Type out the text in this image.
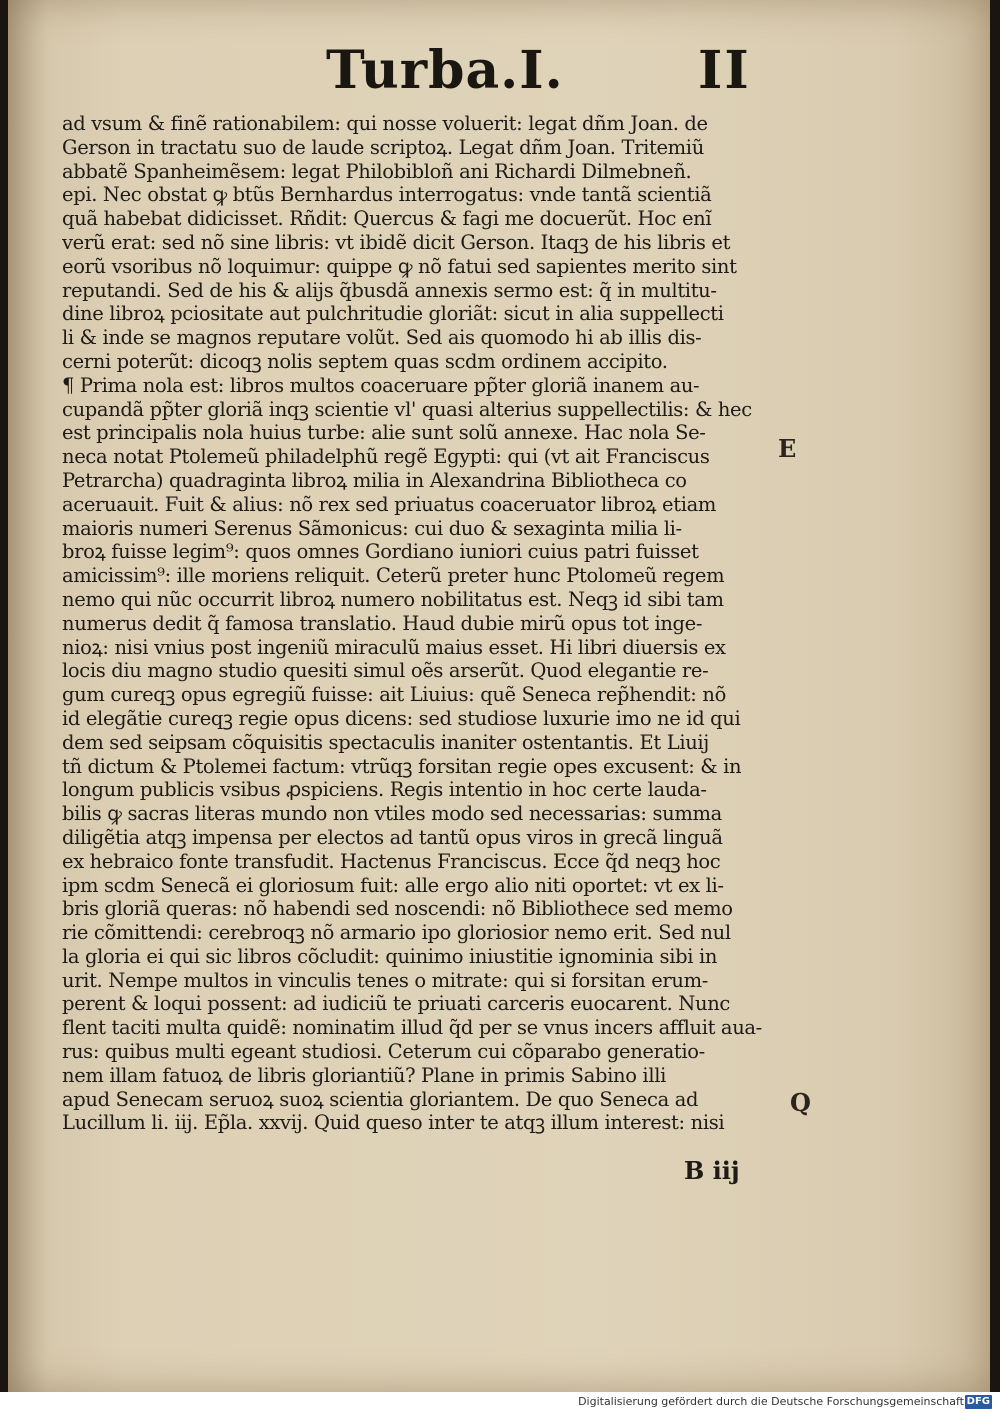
Turba.I.	II
ad vsum & finẽ rationabilem: qui nosse voluerit: legat dñm Joan. de
Gerson in tractatu suo de laude scriptoꝝ. Legat dñm Joan. Tritemiũ
abbatẽ Spanheimẽsem: legat Philobibloñ ani Richardi Dilmebneñ.
epi. Nec obstat ꝙ btũs Bernhardus interrogatus: vnde tantã scientiã
quã habebat didicisset. Rñdit: Quercus & fagi me docuerũt. Hoc enĩ
verũ erat: sed nõ sine libris: vt ibidẽ dicit Gerson. Itaqꝫ de his libris et
eorũ vsoribus nõ loquimur: quippe ꝙ nõ fatui sed sapientes merito sint
reputandi. Sed de his & alijs q̃busdã annexis sermo est: q̃ in multitu-
dine libroꝝ pciositate aut pulchritudie gloriãt: sicut in alia suppellecti
li & inde se magnos reputare volũt. Sed ais quomodo hi ab illis dis-
cerni poterũt: dicoqꝫ nolis septem quas scdm ordinem accipito.
¶ Prima nola est: libros multos coaceruare pp̃ter gloriã inanem au-
cupandã pp̃ter gloriã inqꝫ scientie vl' quasi alterius suppellectilis: & hec
est principalis nola huius turbe: alie sunt solũ annexe. Hac nola Se-
neca notat Ptolemeũ philadelphũ regẽ Egypti: qui (vt ait Franciscus
Petrarcha) quadraginta libroꝝ milia in Alexandrina Bibliotheca co
aceruauit. Fuit & alius: nõ rex sed priuatus coaceruator libroꝝ etiam
maioris numeri Serenus Sãmonicus: cui duo & sexaginta milia li-
broꝝ fuisse legim⁹: quos omnes Gordiano iuniori cuius patri fuisset
amicissim⁹: ille moriens reliquit. Ceterũ preter hunc Ptolomeũ regem
nemo qui nũc occurrit libroꝝ numero nobilitatus est. Neqꝫ id sibi tam
numerus dedit q̃ famosa translatio. Haud dubie mirũ opus tot inge-
nioꝝ: nisi vnius post ingeniũ miraculũ maius esset. Hi libri diuersis ex
locis diu magno studio quesiti simul oẽs arserũt. Quod elegantie re-
gum cureqꝫ opus egregiũ fuisse: ait Liuius: quẽ Seneca rep̃hendit: nõ
id elegãtie cureqꝫ regie opus dicens: sed studiose luxurie imo ne id qui
dem sed seipsam cõquisitis spectaculis inaniter ostentantis. Et Liuij
tñ dictum & Ptolemei factum: vtrũqꝫ forsitan regie opes excusent: & in
longum publicis vsibus ꝓspiciens. Regis intentio in hoc certe lauda-
bilis ꝙ sacras literas mundo non vtiles modo sed necessarias: summa
diligẽtia atqꝫ impensa per electos ad tantũ opus viros in grecã linguã
ex hebraico fonte transfudit. Hactenus Franciscus. Ecce q̃d neqꝫ hoc
ipm scdm Senecã ei gloriosum fuit: alle ergo alio niti oportet: vt ex li-
bris gloriã queras: nõ habendi sed noscendi: nõ Bibliothece sed memo
rie cõmittendi: cerebroqꝫ nõ armario ipo gloriosior nemo erit. Sed nul
la gloria ei qui sic libros cõcludit: quinimo iniustitie ignominia sibi in
urit. Nempe multos in vinculis tenes o mitrate: qui si forsitan erum-
perent & loqui possent: ad iudiciũ te priuati carceris euocarent. Nunc
flent taciti multa quidẽ: nominatim illud q̃d per se vnus incers affluit aua-
rus: quibus multi egeant studiosi. Ceterum cui cõparabo generatio-
nem illam fatuoꝝ de libris gloriantiũ? Plane in primis Sabino illi
apud Senecam seruoꝝ suoꝝ scientia gloriantem. De quo Seneca ad
Lucillum li. iij. Ep̃la. xxvij. Quid queso inter te atqꝫ illum interest: nisi
E
Q
B iij
Digitalisierung gefördert durch die Deutsche Forschungsgemeinschaft DFG
